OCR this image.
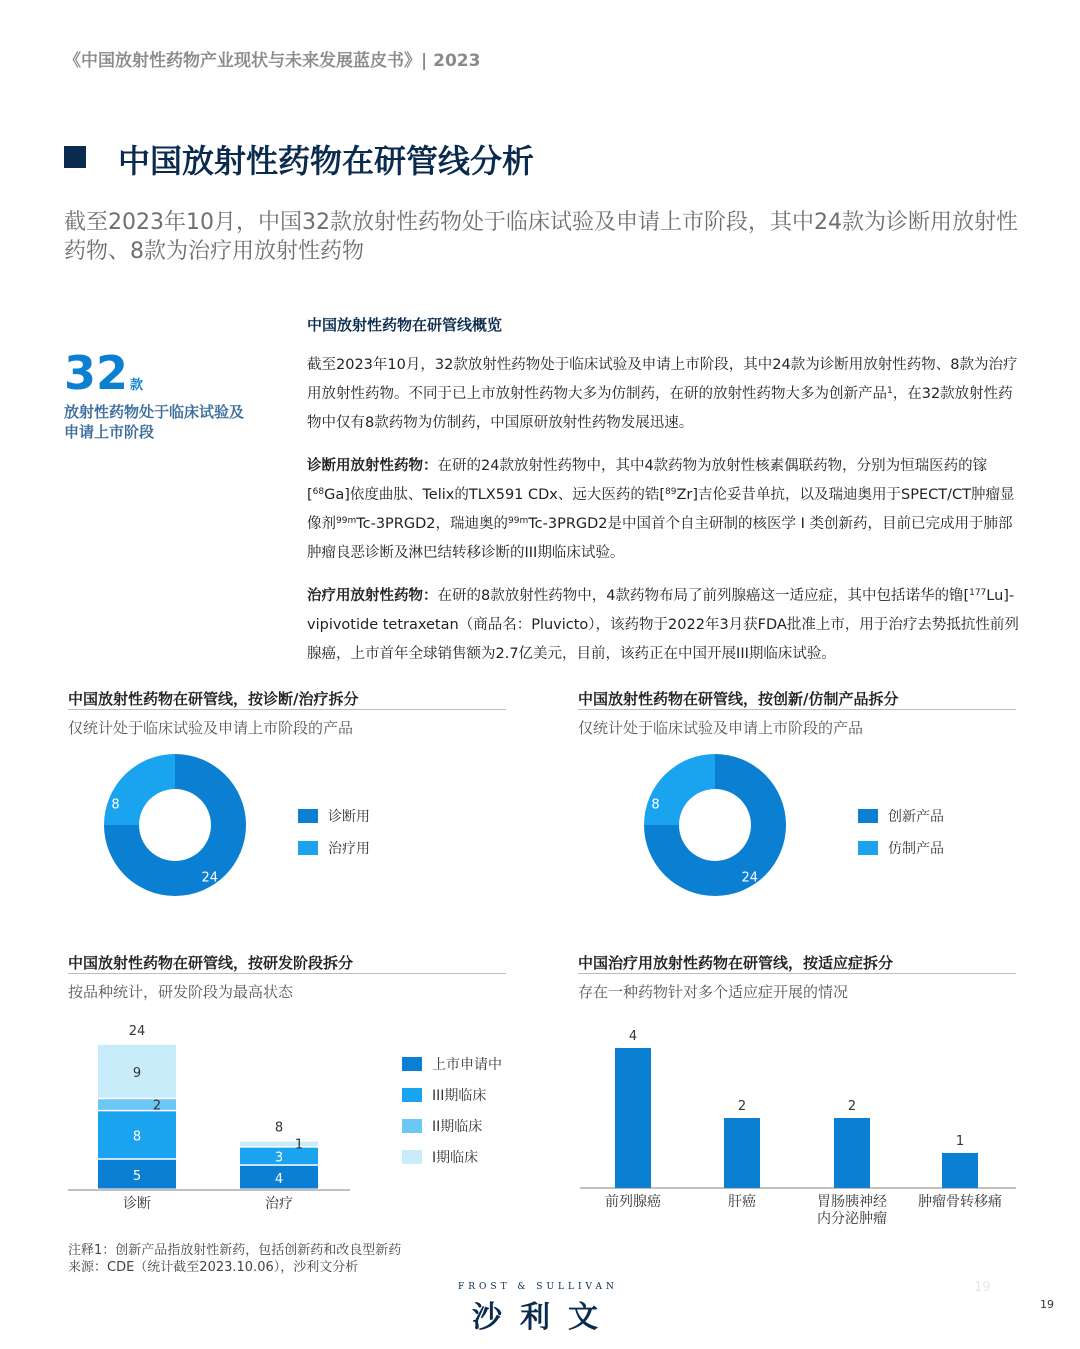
《中国放射性药物产业现状与未来发展蓝皮书》| 2023
中国放射性药物在研管线分析
截至2023年10月，中国32款放射性药物处于临床试验及申请上市阶段，其中24款为诊断用放射性药物、8款为治疗用放射性药物
中国放射性药物在研管线概览
32 款
放射性药物处于临床试验及申请上市阶段
截至2023年10月，32款放射性药物处于临床试验及申请上市阶段，其中24款为诊断用放射性药物、8款为治疗用放射性药物。不同于已上市放射性药物大多为仿制药，在研的放射性药物大多为创新产品$^1$，在32款放射性药物中仅有8款药物为仿制药，中国原研放射性药物发展迅速。
诊断用放射性药物：在研的24款放射性药物中，其中4款药物为放射性核素偶联药物，分别为恒瑞医药的镓[$^{68}$Ga]依度曲肽、Telix的TLX591 CDx、远大医药的锆[$^{89}$Zr]吉伦妥昔单抗，以及瑞迪奥用于SPECT/CT肿瘤显像剂$^{99m}$Tc-3PRGD2，瑞迪奥的$^{99m}$Tc-3PRGD2是中国首个自主研制的核医学 I 类创新药，目前已完成用于肺部肿瘤良恶诊断及淋巴结转移诊断的III期临床试验。
治疗用放射性药物：在研的8款放射性药物中，4款药物布局了前列腺癌这一适应症，其中包括诺华的镥[$^{177}$Lu]-vipivotide tetraxetan（商品名：Pluvicto），该药物于2022年3月获FDA批准上市，用于治疗去势抵抗性前列腺癌，上市首年全球销售额为2.7亿美元，目前，该药正在中国开展III期临床试验。
中国放射性药物在研管线，按诊断/治疗拆分
仅统计处于临床试验及申请上市阶段的产品
24
8
诊断用
治疗用
中国放射性药物在研管线，按创新/仿制产品拆分
仅统计处于临床试验及申请上市阶段的产品
24
8
创新产品
仿制产品
中国放射性药物在研管线，按研发阶段拆分
按品种统计，研发阶段为最高状态
5
8
2
9
24
诊断
4
3
1
8
治疗
上市申请中
III期临床
II期临床
I期临床
中国治疗用放射性药物在研管线，按适应症拆分
存在一种药物针对多个适应症开展的情况
4
前列腺癌
2
肝癌
2
胃肠胰神经
内分泌肿瘤
1
肿瘤骨转移痛
注释1：创新产品指放射性新药，包括创新药和改良型新药
来源：CDE（统计截至2023.10.06），沙利文分析
FROST & SULLIVAN
沙利文
19
19
